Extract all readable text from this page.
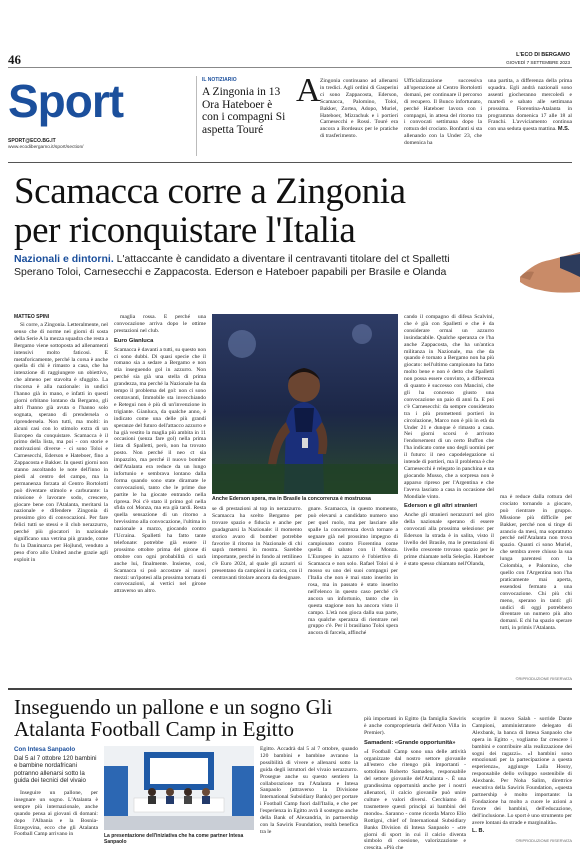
46	L'ECO DI BERGAMO
GIOVEDÌ 7 SETTEMBRE 2023
Sport
SPORT@ECO.BG.IT
www.ecodibergamo.it/sport/section/
IL NOTIZIARIO
A Zingonia in 13 Ora Hateboer è con i compagni Si aspetta Touré
A Zingonia continuano ad allenarsi in tredici. Agli ordini di Gasperini ci sono Zappacosta, Ederson, Scamacca, Palomino, Toloi, Bakker, Zortea, Adopo, Muriel, Hateboer, Mizrachuk e i portieri Carnesecchi e Rossi. Touré era ancora a Bordeaux per le pratiche di trasferimento.
Ufficializzazione successiva all'operazione al Centro Bortolotti domani, per continuare il percorso di recupero. Il Bunco infortunato, perché Hateboer lavora con i compagni, in attesa del ritorno tra i convocati settimana dopo la rottura del crociato. Bonfanti si sta allenando con la Under 23, che domenica ha
una partita, a differenza della prima squadra. Egli andrà nazionali sono assenti giocheranno mercoledì e martedì e sabato alle settimana prossima. Fiorentina-Atalanta in programma domenica 17 alle 18 al Franchi. L'avviciamento continua con una seduta questa mattina. M.S.
Scamacca corre a Zingonia per riconquistare l'Italia
Nazionali e dintorni. L'attaccante è candidato a diventare il centravanti titolare del ct Spalletti Sperano Toloi, Carnesecchi e Zappacosta. Ederson e Hateboer papabili per Brasile e Olanda
MATTEO SPINI

Si corre, a Zingonia. Letteralmente, nel senso che di norme nei giorni di sosta della Serie A la mezza squadra che resta a Bergamo viene sottoposta ad allenamenti intensivi molto faticosi. E metaforicamente, perché la corsa è anche quella di chi è rimasto a casa, che ha intenzione di raggiungere un obiettivo, che almeno per stavolta è sfuggito. La rincorsa è alla nazionale: in undici l'hanno già in mano, e infatti in questi giorni orbitano lontano da Bergamo, gli altri l'hanno già avuta o l'hanno solo sognata, sperano di prendersela o riprendersela. Non tutti, ma molti: in alcuni casi con lo stimolo extra di un Europeo da conquistare. Scamacca è il primo della lista, ma poi - con storie e motivazioni diverse - ci sono Toloi e Carnesecchi, Ederson e Hateboer, fino a Zappacosta e Bakker. In questi giorni non stanno ascoltando le note dell'inno in piedi al centro del campo, ma la permanenza forzata al Centro Bortolotti può diventare stimolo e carburante: la missione è lavorare sodo, crescere, giocare bene con l'Atalanta, meritarsi la nazionale e difendere Zingonia di prossimo giro di convocazioni. Per fare felici tutti se stessi e il club nerazzurro, perché più giocatori in nazionale significano una vetrina più grande, come fu la Danimarca per Hojlund, venduto a peso d'oro allo United anche grazie agli exploit in

maglia rossa. E perché una convocazione arriva dopo le ottime prestazioni nel club.

Euro Gianluca

Scamacca è davanti a tutti, su questo non ci sono dubbi. Di quasi specie che il romano sia a sedare a Bergamo e non stia inseguendo gol in azzurro. Non perché sia già una stella di prima grandezza, ma perché la Nazionale ha da tempo il problema del gol: non ci sono centravanti, Immobile sta invecchiando e Retegui non è più di un'invenzione in trigiante. Gianluca, da qualche anno, è indicato come una delle più grandi speranze del futuro dell'attacco azzurro e ha già vestito la maglia più ambita in 11 occasioni (senza fare gol) nella prima lista di Spalletti, però, non ha trovato posto. Non perché il neo ct sia impazzito, ma perché il nuovo bomber dell'Atalanta era reduce da un lungo infortunio e sembrava lontano dalla forma quando sono state diramate le convocazioni, tanto che le prime due partite le ha giocate entrando nella ripresa. Poi c'è stato il primo gol nella sfida col Monza, ma era già tardi. Resta quella sensazione di un ritorno a brevissimo alla convocazione, l'ultima in nazionale a marzo, giocando contro l'Ucraina. Spalletti ha fatto tante telefonate: potrebbe già essere il prossimo ottobre prima del girone di ottobre con ogni probabilità ci sarà anche lui, finalmente. Insieme, così, Scamacca si può accostare ai nuovi mezzi: un'ipotesi alla prossima tornata di convocazioni, ai vertici nel girone attraverso un altro.

Anche Ederson spera, ma in Brasile la concorrenza è mostruosa

se di prestazioni al top in nerazzurro. Scamacca ha scelto Bergamo per trovare spazio e fiducia e anche per guadagnarsi la Nazionale: il momento storico avaro di bomber potrebbe favorire il ritorno in Nazionale di chi saprà mettersi in mostra. Sarebbe importante, perché in fondo al rettilineo c'è Euro 2024, al quale gli azzurri si presentano da campioni in carica, con il centravanti titolare ancora da designare.

gnare. Scamacca, in questo momento, può elevarsi a candidato numero uno per quel ruolo, ma per lasciare alle spalle la concorrenza dovrà tornare a segnare già nel prossimo impegno di campionato contro Fiorentina come quella di sabato con il Monza. L'Europeo in azzurro è l'obiettivo di Scamacca e non solo. Rafael Toloi si è mosso su uno dei suoi compagni per l'Italia che non è mai stato inserito in rosa, ma in passato è stato inserito nell'elenco in questo caso perché c'è ancora un infortunio, tanto che in questa stagione non ha ancora visto il campo. L'età non gioca dalla sua parte, ma qualche speranza di rientrare nel gruppo c'è. Per il brasiliano Toloi spera ancora di farcela, affinché

cando il compagno di difesa Scalvini, che è già con Spalletti e che è da considerare ormai un azzurro insindacabile. Qualche speranza ce l'ha anche Zappacosta, che ha un'antica militanza in Nazionale, ma che da quando è tornato a Bergamo non ha più giocato: nell'ultimo campionato ha fatto molto bene e non è detto che Spalletti non possa essere convinto, a differenza di quanto è successo con Mancini, che gli ha concesso giusto una convocazione un paio di anni fa. E poi c'è Carnesecchi: da sempre considerato tra i più promettenti portieri in circolazione, Marco non è più in età da Under 21 e dunque è rimasto a casa. Nei giorni scorsi è arrivato l'endorsement di un certo Buffon che l'ha indicato come uno degli uomini per il futuro: il neo capodelegazione si intende di portieri, ma il problema è che Carnesecchi è relegato in panchina e sta giocando Musso, che a sorpresa non è apparso ripreso per l'Argentina e che l'aveva lasciato a casa in occasione del Mondiale vinto.

Ederson e gli altri stranieri

Anche gli stranieri nerazzurri nel giro della nazionale sperano di essere convocati alla prossima selezione: per Ederson la strada è in salita, visto il livello del Brasile, ma le prestazioni di livello crescente trovano spazio per le prime chiamate nella Seleção. Hateboer è stato spesso chiamato nell'Olanda,

ma è reduce dalla rottura del crociato tornando a giocare, può rientrare in gruppo. Missione più difficile per Bakker, perché non si tinge di arancio da mesi, ma soprattutto perché nell'Atalanta non trova spazio. Quanti ci sono Muriel, che sembra avere chiuso la sua lunga parentesi con la Colombia, e Palomino, che quello con l'Argentina non l'ha praticamente mai aperta, essendosi fermato a una convocazione. Chi più chi meno, sperano in tanti: gli undici di oggi potrebbero diventare un numero più alto domani. E chi ha spazio sperare tutti, in primis l'Atalanta.

©RIPRODUZIONE RISERVATA
Inseguendo un pallone e un sogno Gli Atalanta Football Camp in Egitto
Con Intesa Sanpaolo
Dal 5 al 7 ottobre 120 bambini e bambine nordafricani potranno allenarsi sotto la guida dei tecnici del vivaio

Inseguire un pallone, per insegnare un sogno. L'Atalanta è sempre più internazionale, anche quando pensa ai giovani di domani: dopo l'Albania e la Bosnia-Erzegovina, ecco che gli Atalanta Football Camp arrivano in	La presentazione dell'iniziativa che ha come partner Intesa Sanpaolo

Egitto. Accadrà dal 5 al 7 ottobre, quando 120 bambini e bambine avranno la possibilità di vivere e allenarsi sotto la guida degli istruttori del vivaio nerazzurro. Prosegue anche su questo sentiero la collaborazione tra l'Atalanta e Intesa Sanpaolo (attraverso la Divisione International Subsidiary Banks) per portare i Football Camp fuori dall'Italia, e che per l'esperienza in Egitto avrà il sostegno anche della Bank of Alexandria, in partnership con la Sawiris Foundation, realtà benefica tra le

più importanti in Egitto (la famiglia Sawiris è anche comproprietaria dell'Aston Villa in Premier).

Samadeni: «Grande opportunità»

«I Football Camp sono una delle attività organizzate dal nostro settore giovanile all'estero che ritengo più importanti - sottolinea Roberto Samaden, responsabile del settore giovanile dell'Atalanta -. È una grandissima opportunità anche per i nostri allenatori, il calcio giovanile può unire culture e valori diversi. Cerchiamo di trasmettere questi principi ai bambini del mondo». Saranno - come ricorda Marco Elio Rottigni, chief of International Subsidiary Banks Division di Intesa Sanpaolo - «tre giorni di sport in cui il calcio diventa simbolo di coesione, valorizzazione e crescita. «Più che

scoprire il nuovo Salah - sorride Dante Campioni, amministratore delegato di Alexbank, la banca di Intesa Sanpaolo che opera in Egitto -, vogliamo far crescere i bambini e contribuire alla realizzazione dei sogni dei ragazzi». «I bambini sono emozionati per la partecipazione a questa esperienza», aggiunge Laila Hosny, responsabile dello sviluppo sostenibile di Alexbank. Per Noha Salim, direttrice esecutiva della Sawiris Foundation, «questa partnership è molto importante: la Fondazione ha molto a cuore le azioni a favore dei bambini, dell'educazione, dell'inclusione. Lo sport è uno strumento per avere lontani da strade e marginalità».

L. B.
©RIPRODUZIONE RISERVATA
